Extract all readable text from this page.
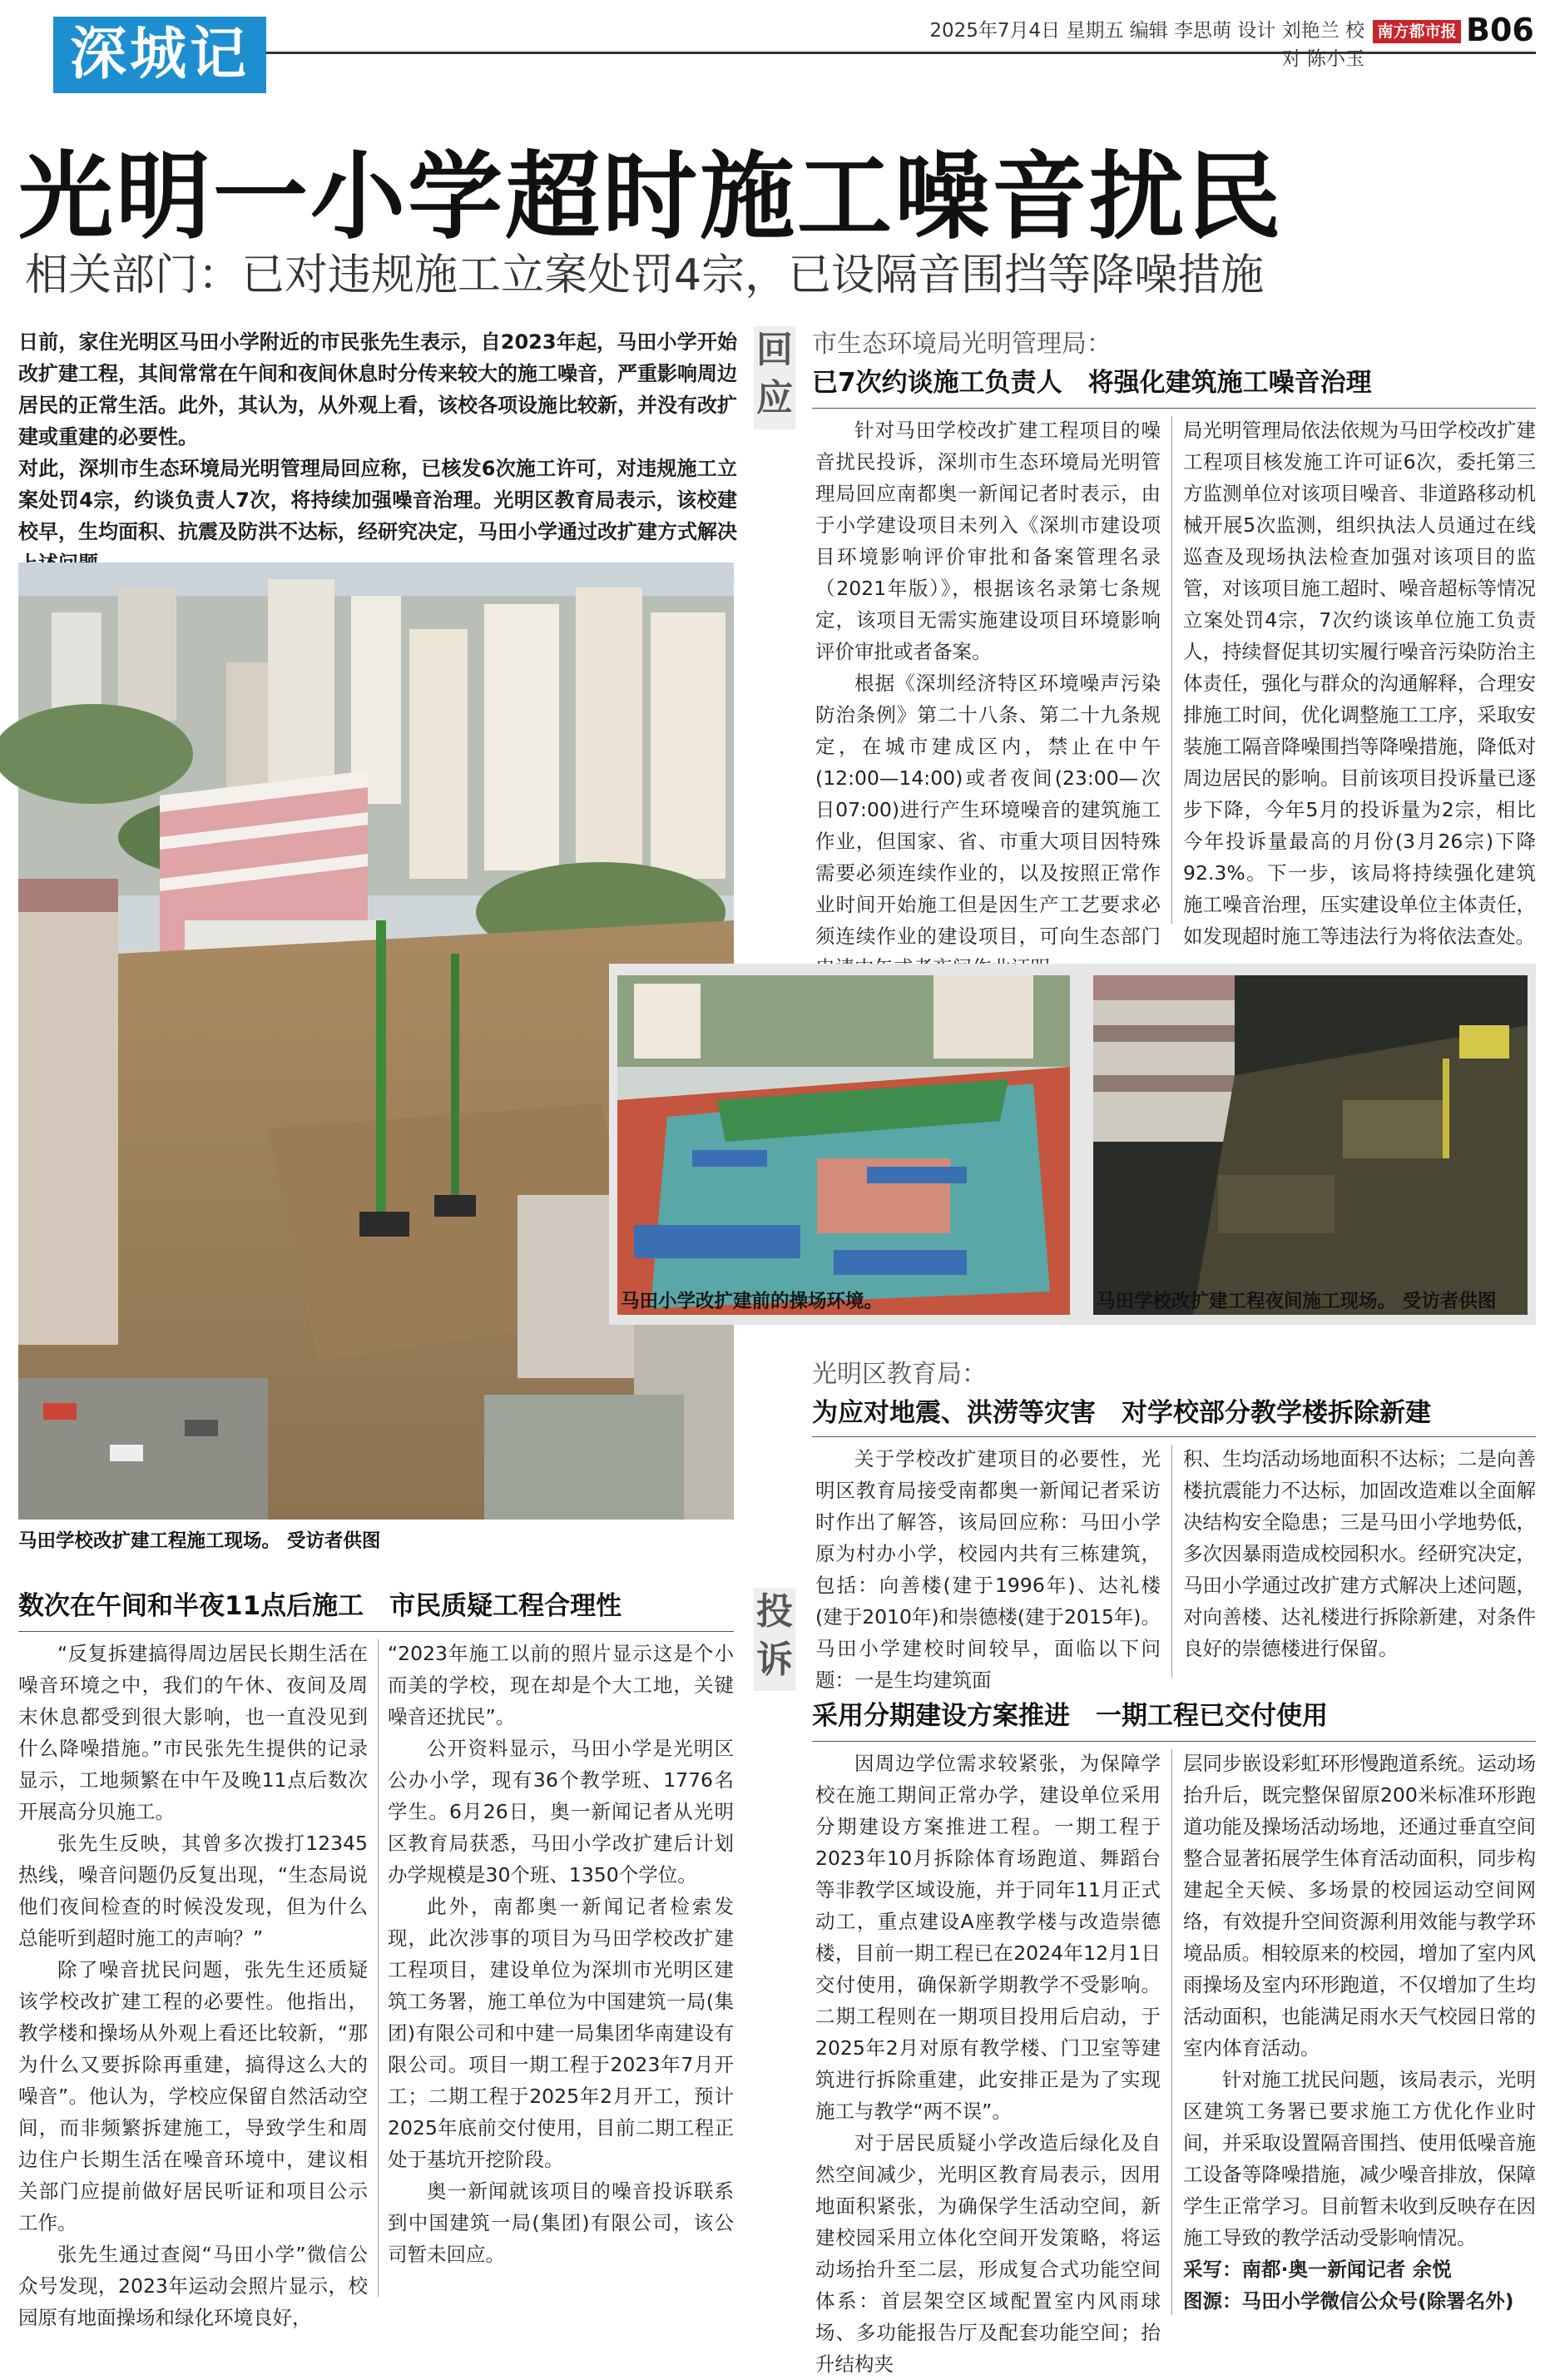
深城记	2025年7月4日 星期五 编辑 李思萌 设计 刘艳兰 校对 陈小玉
南方都市报 B06
光明一小学超时施工噪音扰民
相关部门：已对违规施工立案处罚4宗，已设隔音围挡等降噪措施
日前，家住光明区马田小学附近的市民张先生表示，自2023年起，马田小学开始改扩建工程，其间常常在午间和夜间休息时分传来较大的施工噪音，严重影响周边居民的正常生活。此外，其认为，从外观上看，该校各项设施比较新，并没有改扩建或重建的必要性。
对此，深圳市生态环境局光明管理局回应称，已核发6次施工许可，对违规施工立案处罚4宗，约谈负责人7次，将持续加强噪音治理。光明区教育局表示，该校建校早，生均面积、抗震及防洪不达标，经研究决定，马田小学通过改扩建方式解决
马田学校改扩建工程施工现场。 受访者供图
回
应
市生态环境局光明管理局：
已7次约谈施工负责人　将强化建筑施工噪音治理

针对马田学校改扩建工程项目的噪音扰民投诉，深圳市生态环境局光明管理局回应南都奥一新闻记者时表示，由于小学建设项目未列入《深圳市建设项目环境影响评价审批和备案管理名录（2021年版）》，根据该名录第七条规定，该项目无需实施建设项目环境影响评价审批或者备案。

根据《深圳经济特区环境噪声污染防治条例》第二十八条、第二十九条规定，在城市建成区内，禁止在中午(12:00—14:00)或者夜间(23:00—次日07:00)进行产生环境噪音的建筑施工作业，但国家、省、市重大项目因特殊需要必须连续作业的，以及按照正常作业时间开始施工但是因生产工艺要求必须连续作业的建设项目，可向生态部门

局光明管理局依法依规为马田学校改扩建工程项目核发施工许可证6次，委托第三方监测单位对该项目噪音、非道路移动机械开展5次监测，组织执法人员通过在线巡查及现场执法检查加强对该项目的监管，对该项目施工超时、噪音超标等情况立案处罚4宗，7次约谈该单位施工负责人，持续督促其切实履行噪音污染防治主体责任，强化与群众的沟通解释，合理安排施工时间，优化调整施工工序，采取安装施工隔音降噪围挡等降噪措施，降低对周边居民的影响。目前该项目投诉量已逐步下降，今年5月的投诉量为2宗，相比今年投诉量最高的月份(3月26宗)下降92.3%。下一步，该局将持续强化建筑施工噪音治理，压实建设单位主体责任，如发现超时施工等违法行为将依法查处。

马田小学改扩建前的操场环境。	马田学校改扩建工程夜间施工现场。 受访者供图
光明区教育局：
为应对地震、洪涝等灾害　对学校部分教学楼拆除新建

关于学校改扩建项目的必要性，光明区教育局接受南都奥一新闻记者采访时作出了解答，该局回应称：马田小学原为村办小学，校园内共有三栋建筑，包括：向善楼(建于1996年)、达礼楼(建于2010年)和崇德楼(建于2015年)。马田小学建校时间较早，面临以下问题：一是生均建筑面

积、生均活动场地面积不达标；二是向善楼抗震能力不达标，加固改造难以全面解决结构安全隐患；三是马田小学地势低，多次因暴雨造成校园积水。经研究决定，马田小学通过改扩建方式解决上述问题，对向善楼、达礼楼进行拆除新建，对条件良好的崇德楼进行保留。

投
诉
数次在午间和半夜11点后施工　市民质疑工程合理性

“反复拆建搞得周边居民长期生活在噪音环境之中，我们的午休、夜间及周末休息都受到很大影响，也一直没见到什么降噪措施。”市民张先生提供的记录显示，工地频繁在中午及晚11点后数次开展高分贝施工。

张先生反映，其曾多次拨打12345热线，噪音问题仍反复出现，“生态局说他们夜间检查的时候没发现，但为什么总能听到超时施工的声响？”

除了噪音扰民问题，张先生还质疑该学校改扩建工程的必要性。他指出，教学楼和操场从外观上看还比较新，“那为什么又要拆除再重建，搞得这么大的噪音”。他认为，学校应保留自然活动空间，而非频繁拆建施工，导致学生和周边住户长期生活在噪音环境中，建议相关部门应提前做好居民听证和项目公示工作。

张先生通过查阅“马田小学”微信公众号发现，2023年运动会照片显示，校园原有地面操场和绿化环境良好，

“2023年施工以前的照片显示这是个小而美的学校，现在却是个大工地，关键噪音还扰民”。

公开资料显示，马田小学是光明区公办小学，现有36个教学班、1776名学生。6月26日，奥一新闻记者从光明区教育局获悉，马田小学改扩建后计划办学规模是30个班、1350个学位。

此外，南都奥一新闻记者检索发现，此次涉事的项目为马田学校改扩建工程项目，建设单位为深圳市光明区建筑工务署，施工单位为中国建筑一局(集团)有限公司和中建一局集团华南建设有限公司。项目一期工程于2023年7月开工；二期工程于2025年2月开工，预计2025年底前交付使用，目前二期工程正处于基坑开挖阶段。

奥一新闻就该项目的噪音投诉联系到中国建筑一局(集团)有限公司，该公司暂未回应。

采用分期建设方案推进　一期工程已交付使用

因周边学位需求较紧张，为保障学校在施工期间正常办学，建设单位采用分期建设方案推进工程。一期工程于2023年10月拆除体育场跑道、舞蹈台等非教学区域设施，并于同年11月正式动工，重点建设A座教学楼与改造崇德楼，目前一期工程已在2024年12月1日交付使用，确保新学期教学不受影响。二期工程则在一期项目投用后启动，于2025年2月对原有教学楼、门卫室等建筑进行拆除重建，此安排正是为了实现施工与教学“两不误”。

对于居民质疑小学改造后绿化及自然空间减少，光明区教育局表示，因用地面积紧张，为确保学生活动空间，新建校园采用立体化空间开发策略，将运动场抬升至二层，形成复合式功能空间体系：首层架空区域配置室内风雨球场、多功能报告厅及配套功能空间；抬升结构夹

层同步嵌设彩虹环形慢跑道系统。运动场抬升后，既完整保留原200米标准环形跑道功能及操场活动场地，还通过垂直空间整合显著拓展学生体育活动面积，同步构建起全天候、多场景的校园运动空间网络，有效提升空间资源利用效能与教学环境品质。相较原来的校园，增加了室内风雨操场及室内环形跑道，不仅增加了生均活动面积，也能满足雨水天气校园日常的室内体育活动。

针对施工扰民问题，该局表示，光明区建筑工务署已要求施工方优化作业时间，并采取设置隔音围挡、使用低噪音施工设备等降噪措施，减少噪音排放，保障学生正常学习。目前暂未收到反映存在因施工导致的教学活动受影响情况。

采写：南都·奥一新闻记者 余悦
图源：马田小学微信公众号(除署名外)
